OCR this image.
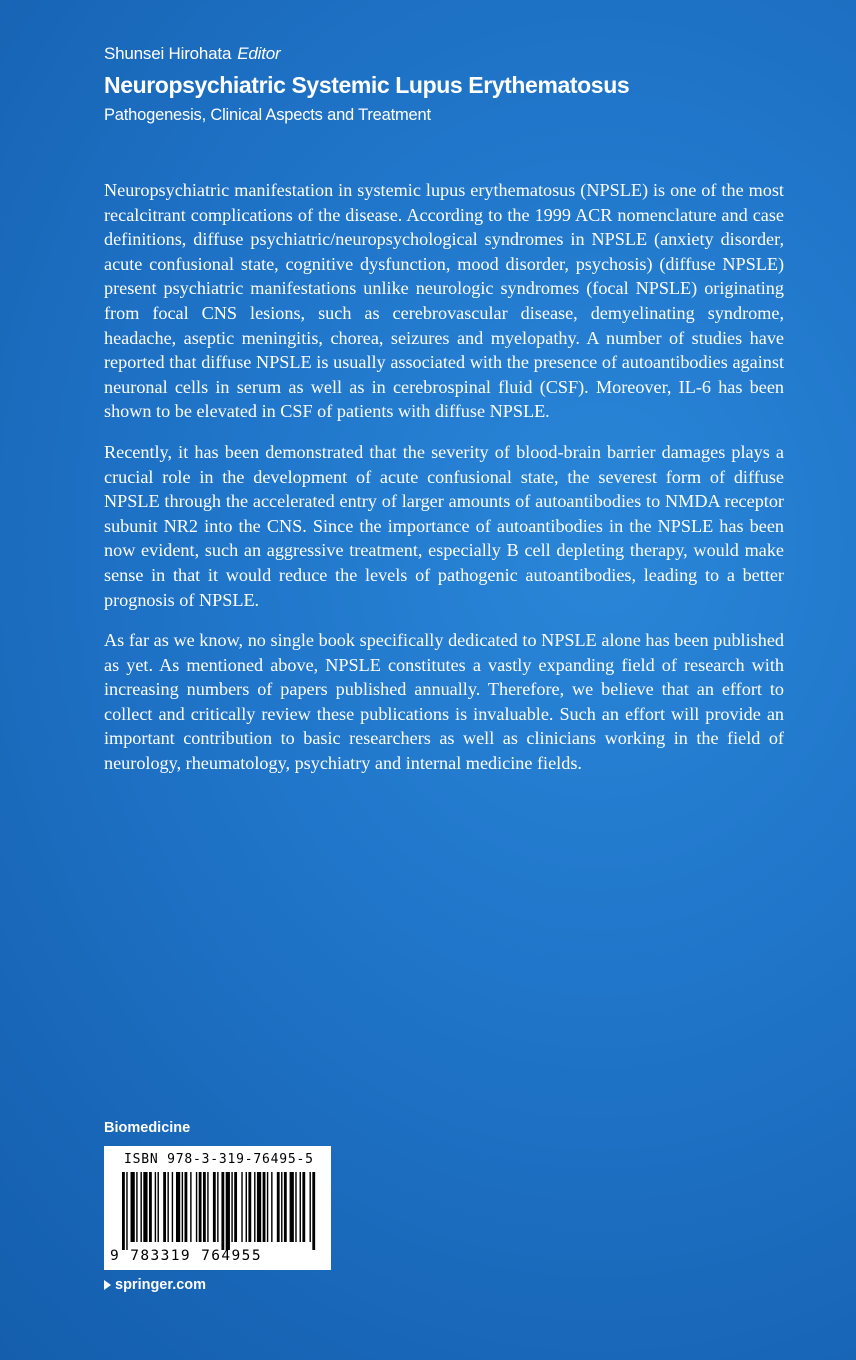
Shunsei Hirohata Editor
Neuropsychiatric Systemic Lupus Erythematosus
Pathogenesis, Clinical Aspects and Treatment

Neuropsychiatric manifestation in systemic lupus erythematosus (NPSLE) is one of the most recalcitrant complications of the disease. According to the 1999 ACR nomenclature and case definitions, diffuse psychiatric/neuropsychological syndromes in NPSLE (anxiety disorder, acute confusional state, cognitive dysfunction, mood disorder, psychosis) (diffuse NPSLE) present psychiatric manifestations unlike neurologic syndromes (focal NPSLE) originating from focal CNS lesions, such as cerebrovascular disease, demyelinating syndrome, headache, aseptic meningitis, chorea, seizures and myelopathy. A number of studies have reported that diffuse NPSLE is usually associated with the presence of autoantibodies against neuronal cells in serum as well as in cerebrospinal fluid (CSF). Moreover, IL-6 has been shown to be elevated in CSF of patients with diffuse NPSLE.

Recently, it has been demonstrated that the severity of blood-brain barrier damages plays a crucial role in the development of acute confusional state, the severest form of diffuse NPSLE through the accelerated entry of larger amounts of autoantibodies to NMDA receptor subunit NR2 into the CNS. Since the importance of autoantibodies in the NPSLE has been now evident, such an aggressive treatment, especially B cell depleting therapy, would make sense in that it would reduce the levels of pathogenic autoantibodies, leading to a better prognosis of NPSLE.

As far as we know, no single book specifically dedicated to NPSLE alone has been published as yet. As mentioned above, NPSLE constitutes a vastly expanding field of research with increasing numbers of papers published annually. Therefore, we believe that an effort to collect and critically review these publications is invaluable. Such an effort will provide an important contribution to basic researchers as well as clinicians working in the field of neurology, rheumatology, psychiatry and internal medicine fields.

Biomedicine
ISBN 978-3-319-76495-5
9 783319 764955
springer.com
